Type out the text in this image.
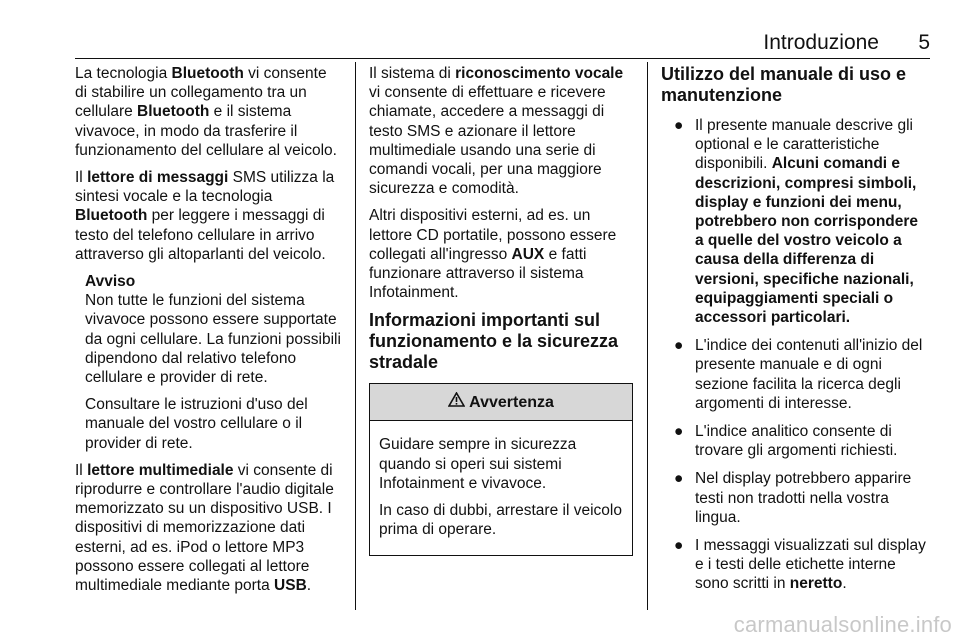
Introduzione 5

La tecnologia Bluetooth vi consente di stabilire un collegamento tra un cellulare Bluetooth e il sistema vivavoce, in modo da trasferire il funzionamento del cellulare al veicolo.

Il lettore di messaggi SMS utilizza la sintesi vocale e la tecnologia Bluetooth per leggere i messaggi di testo del telefono cellulare in arrivo attraverso gli altoparlanti del veicolo.

Avviso

Non tutte le funzioni del sistema vivavoce possono essere supportate da ogni cellulare. La funzioni possibili dipendono dal relativo telefono cellulare e provider di rete.

Consultare le istruzioni d'uso del manuale del vostro cellulare o il provider di rete.

Il lettore multimediale vi consente di riprodurre e controllare l'audio digitale memorizzato su un dispositivo USB. I dispositivi di memorizzazione dati esterni, ad es. iPod o lettore MP3 possono essere collegati al lettore multimediale mediante porta USB.

Il sistema di riconoscimento vocale vi consente di effettuare e ricevere chiamate, accedere a messaggi di testo SMS e azionare il lettore multimediale usando una serie di comandi vocali, per una maggiore sicurezza e comodità.

Altri dispositivi esterni, ad es. un lettore CD portatile, possono essere collegati all'ingresso AUX e fatti funzionare attraverso il sistema Infotainment.

Informazioni importanti sul funzionamento e la sicurezza stradale
Avvertenza

Guidare sempre in sicurezza quando si operi sui sistemi Infotainment e vivavoce.

In caso di dubbi, arrestare il veicolo prima di operare.

Utilizzo del manuale di uso e manutenzione
● Il presente manuale descrive gli optional e le caratteristiche disponibili. Alcuni comandi e descrizioni, compresi simboli, display e funzioni dei menu, potrebbero non corrispondere a quelle del vostro veicolo a causa della differenza di versioni, specifiche nazionali, equipaggiamenti speciali o accessori particolari.
● L'indice dei contenuti all'inizio del presente manuale e di ogni sezione facilita la ricerca degli argomenti di interesse.
● L'indice analitico consente di trovare gli argomenti richiesti.
● Nel display potrebbero apparire testi non tradotti nella vostra lingua.
● I messaggi visualizzati sul display e i testi delle etichette interne sono scritti in neretto.
carmanualsonline.info
